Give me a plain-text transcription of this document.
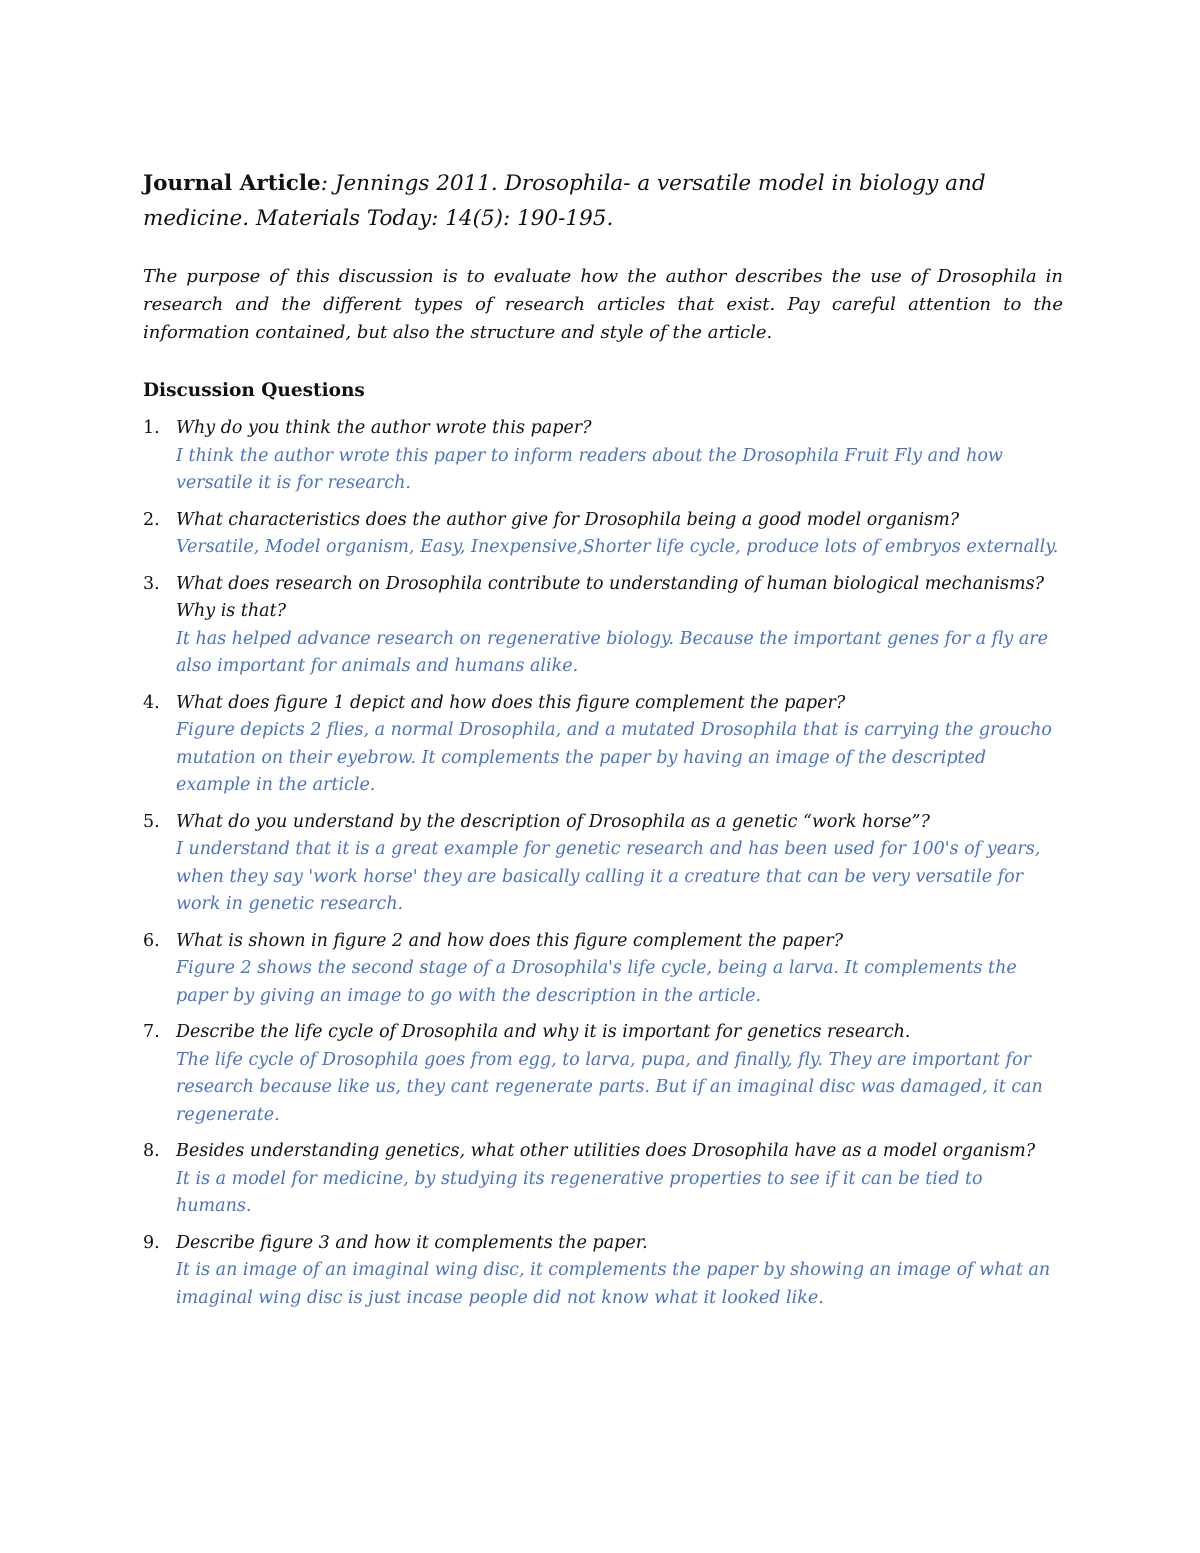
Journal Article: Jennings 2011. Drosophila- a versatile model in biology and medicine. Materials Today: 14(5): 190-195.

The purpose of this discussion is to evaluate how the author describes the use of Drosophila in research and the different types of research articles that exist. Pay careful attention to the information contained, but also the structure and style of the article.

Discussion Questions

1. Why do you think the author wrote this paper?
I think the author wrote this paper to inform readers about the Drosophila Fruit Fly and how versatile it is for research.
2. What characteristics does the author give for Drosophila being a good model organism?
Versatile, Model organism, Easy, Inexpensive,Shorter life cycle, produce lots of embryos externally.
3. What does research on Drosophila contribute to understanding of human biological mechanisms? Why is that?
It has helped advance research on regenerative biology. Because the important genes for a fly are also important for animals and humans alike.
4. What does figure 1 depict and how does this figure complement the paper?
Figure depicts 2 flies, a normal Drosophila, and a mutated Drosophila that is carrying the groucho mutation on their eyebrow. It complements the paper by having an image of the descripted example in the article.
5. What do you understand by the description of Drosophila as a genetic “work horse”?
I understand that it is a great example for genetic research and has been used for 100's of years, when they say 'work horse' they are basically calling it a creature that can be very versatile for work in genetic research.
6. What is shown in figure 2 and how does this figure complement the paper?
Figure 2 shows the second stage of a Drosophila's life cycle, being a larva. It complements the paper by giving an image to go with the description in the article.
7. Describe the life cycle of Drosophila and why it is important for genetics research.
The life cycle of Drosophila goes from egg, to larva, pupa, and finally, fly. They are important for research because like us, they cant regenerate parts. But if an imaginal disc was damaged, it can regenerate.
8. Besides understanding genetics, what other utilities does Drosophila have as a model organism?
It is a model for medicine, by studying its regenerative properties to see if it can be tied to humans.
9. Describe figure 3 and how it complements the paper.
It is an image of an imaginal wing disc, it complements the paper by showing an image of what an imaginal wing disc is just incase people did not know what it looked like.
